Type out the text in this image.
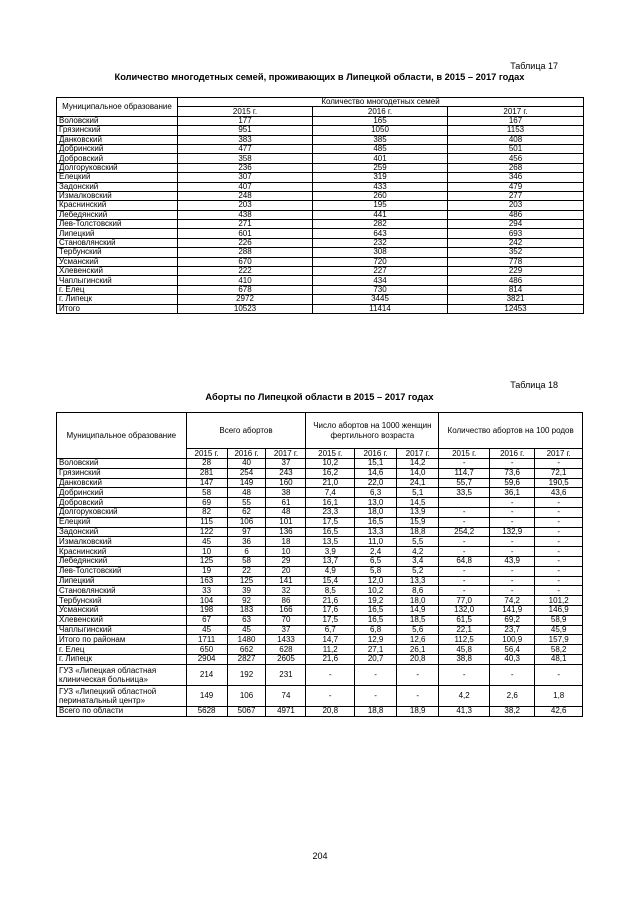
Таблица 17
Количество многодетных семей, проживающих в Липецкой области, в 2015 – 2017 годах
Муниципальное образование	Количество многодетных семей		
	2015 г.	2016 г.	2017 г.
Воловский	177	165	167
Грязинский	951	1050	1153
Данковский	383	385	408
Добринский	477	485	501
Добровский	358	401	456
Долгоруковский	236	259	268
Елецкий	307	319	346
Задонский	407	433	479
Измалковский	248	260	277
Краснинский	203	195	203
Лебедянский	438	441	486
Лев-Толстовский	271	282	294
Липецкий	601	643	693
Становлянский	226	232	242
Тербунский	288	308	352
Усманский	670	720	778
Хлевенский	222	227	229
Чаплыгинский	410	434	486
г. Елец	678	730	814
г. Липецк	2972	3445	3821
Итого	10523	11414	12453
Таблица 18
Аборты по Липецкой области в 2015 – 2017 годах
Муниципальное образование	Всего абортов			Число абортов на 1000 женщин фертильного возраста			Количество абортов на 100 родов		
	2015 г.	2016 г.	2017 г.	2015 г.	2016 г.	2017 г.	2015 г.	2016 г.	2017 г.
Воловский	28	40	37	10,2	15,1	14,2	-	-	-
Грязинский	281	254	243	16,2	14,6	14,0	114,7	73,6	72,1
Данковский	147	149	160	21,0	22,0	24,1	55,7	59,6	190,5
Добринский	58	48	38	7,4	6,3	5,1	33,5	36,1	43,6
Добровский	69	55	61	16,1	13,0	14,5		-	-
Долгоруковский	82	62	48	23,3	18,0	13,9	-	-	-
Елецкий	115	106	101	17,5	16,5	15,9	-	-	-
Задонский	122	97	136	16,5	13,3	18,8	254,2	132,9	-
Измалковский	45	36	18	13,5	11,0	5,5	-	-	-
Краснинский	10	6	10	3,9	2,4	4,2	-	-	-
Лебедянский	125	58	29	13,7	6,5	3,4	64,8	43,9	-
Лев-Толстовский	19	22	20	4,9	5,8	5,2	-	-	-
Липецкий	163	125	141	15,4	12,0	13,3	-	-	-
Становлянский	33	39	32	8,5	10,2	8,6	-	-	-
Тербунский	104	92	86	21,6	19,2	18,0	77,0	74,2	101,2
Усманский	198	183	166	17,6	16,5	14,9	132,0	141,9	146,9
Хлевенский	67	63	70	17,5	16,5	18,5	61,5	69,2	58,9
Чаплыгинский	45	45	37	6,7	6,8	5,6	22,1	23,7	45,9
Итого по районам	1711	1480	1433	14,7	12,9	12,6	112,5	100,9	157,9
г. Елец	650	662	628	11,2	27,1	26,1	45,8	56,4	58,2
г. Липецк	2904	2827	2605	21,6	20,7	20,8	38,8	40,3	48,1
ГУЗ «Липецкая областная клиническая больница»	214	192	231	-	-	-	-	-	-
ГУЗ «Липецкий областной перинатальный центр»	149	106	74	-	-	-	4,2	2,6	1,8
Всего по области	5628	5067	4971	20,8	18,8	18,9	41,3	38,2	42,6
204
